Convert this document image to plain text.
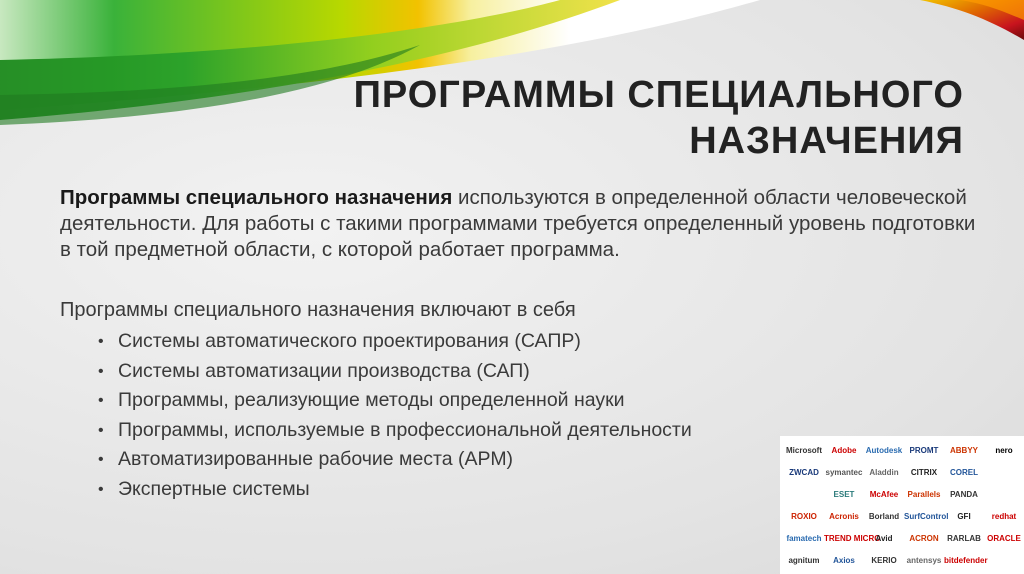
ПРОГРАММЫ СПЕЦИАЛЬНОГО
НАЗНАЧЕНИЯ
Программы специального назначения используются в определенной области человеческой деятельности. Для работы с такими программами требуется определенный уровень подготовки в той предметной области, с которой работает программа.
Программы специального назначения включают в себя
• Системы автоматического проектирования (САПР)
• Системы автоматизации производства (САП)
• Программы, реализующие методы определенной науки
• Программы, используемые в профессиональной деятельности
• Автоматизированные рабочие места (АРМ)
• Экспертные системы
Microsoft	Adobe	Autodesk PROMT	ABBYY	nero
ZWCAD symantec Aladdin	CITRIX	COREL
ESET	McAfee	Parallels	PANDA
ROXIO	Acronis	Borland SurfControl	GFI	redhat
famatech TREND MICRO
Avid	ACRON	RARLAB ORACLE
agnitum	Axios	KERIO	antensys bitdefender
